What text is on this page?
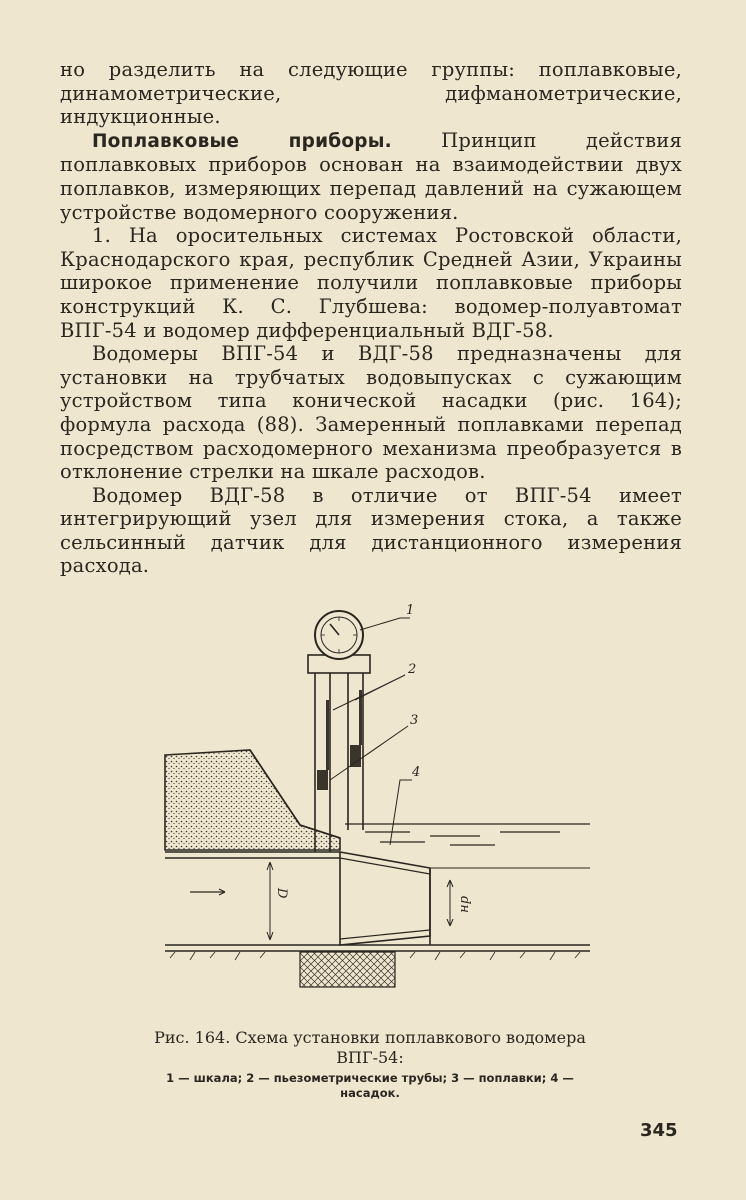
но разделить на следующие группы: поплавковые, динамометрические, дифманометрические, индукционные.

Поплавковые приборы. Принцип действия поплавковых приборов основан на взаимодействии двух поплавков, измеряющих перепад давлений на сужающем устройстве водомерного сооружения.

1. На оросительных системах Ростовской области, Краснодарского края, республик Средней Азии, Украины широкое применение получили поплавковые приборы конструкций К. С. Глубшева: водомер-полуавтомат ВПГ-54 и водомер дифференциальный ВДГ-58.

Водомеры ВПГ-54 и ВДГ-58 предназначены для установки на трубчатых водовыпусках с сужающим устройством типа конической насадки (рис. 164); формула расхода (88). Замеренный поплавками перепад посредством расходомерного механизма преобразуется в отклонение стрелки на шкале расходов.

Водомер ВДГ-58 в отличие от ВПГ-54 имеет интегрирующий узел для измерения стока, а также сельсинный датчик для дистанционного измерения расхода.

D
dн
1
2
3
4
Рис. 164. Схема установки поплавкового водомера ВПГ-54:
1 — шкала; 2 — пьезометрические трубы; 3 — поплавки; 4 — насадок.
345
